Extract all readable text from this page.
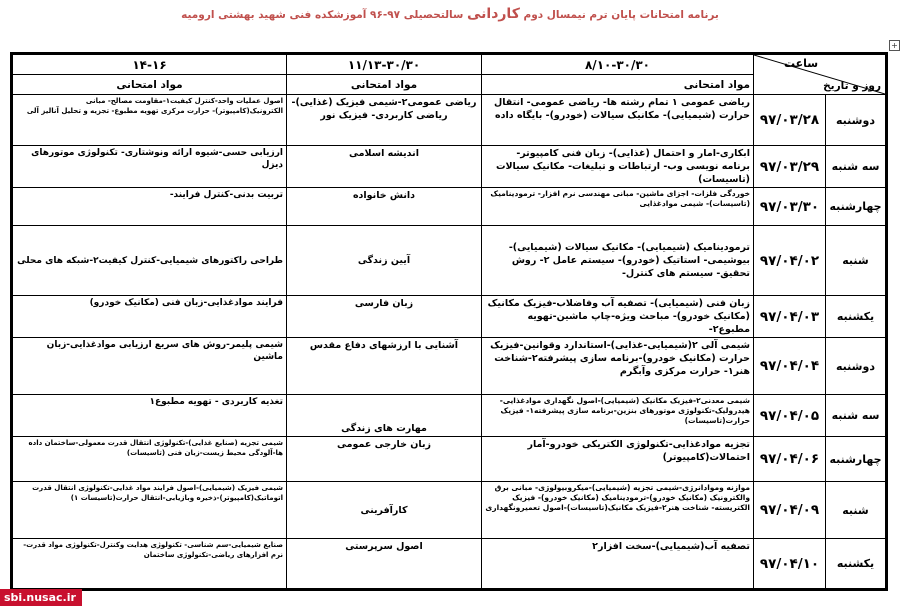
برنامه امتحانات پایان ترم نیمسال دوم کاردانی سالتحصیلی ۹۷-۹۶ آموزشکده فنی شهید بهشتی ارومیه
+
ساعت
روز و تاریخ		۸/۱۰-۳۰/۳۰	۱۱/۱۳-۳۰/۳۰	۱۴-۱۶
		مواد امتحانی	مواد امتحانی	مواد امتحانی
دوشنبه	۹۷/۰۳/۲۸	ریاضی عمومی ۱ تمام رشته ها- ریاضی عمومی- انتقال حرارت (شیمیایی)- مکانیک سیالات (خودرو)- بایگاه داده	ریاضی عمومی۲-شیمی فیزیک (غذایی)-ریاضی کاربردی- فیزیک نور	اصول عملیات واحد-کنترل کیفیت۱-مقاومت مصالح- مبانی الکترونیک(کامپیوتر)- حرارت مرکزی تهویه مطبوع- تجزیه و تحلیل آنالیز آلی
سه شنبه	۹۷/۰۳/۲۹	ابکاری-امار و احتمال (غذایی)- زبان فنی کامپیوتر- برنامه نویسی وب- ارتباطات و تبلیغات- مکانیک سیالات (تاسیسات)	اندیشه اسلامی	ارزیابی حسی-شیوه ارائه ونوشتاری- تکنولوژی موتورهای دیزل
چهارشنبه	۹۷/۰۳/۳۰	خوردگی فلزات- اجزای ماشین- مبانی مهندسی نرم افزار- ترمودینامیک (تاسیسات)- شیمی موادغذایی	دانش خانواده	تربیت بدنی-کنترل فرایند-
شنبه	۹۷/۰۴/۰۲	ترمودینامیک (شیمیایی)- مکانیک سیالات (شیمیایی)- بیوشیمی- استاتیک (خودرو)- سیستم عامل ۲- روش تحقیق- سیستم های کنترل-	آیین زندگی	طراحی راکتورهای شیمیایی-کنترل کیفیت۲-شبکه های محلی
یکشنبه	۹۷/۰۴/۰۳	زبان فنی (شیمیایی)- تصفیه آب وفاضلاب-فیزیک مکانیک (مکانیک خودرو)- مباحث ویژه-چاپ ماشین-تهویه مطبوع۲-	زبان فارسی	فرایند موادغذایی-زبان فنی (مکانیک خودرو)
دوشنبه	۹۷/۰۴/۰۴	شیمی آلی ۲(شیمیایی-غذایی)-استاندارد وقوانین-فیزیک حرارت (مکانیک خودرو)-برنامه سازی پیشرفته۲-شناخت هنر۱- حرارت مرکزی وآبگرم	آشنایی با ارزشهای دفاع مقدس	شیمی پلیمر-روش های سریع ارزیابی موادغذایی-زبان ماشین
سه شنبه	۹۷/۰۴/۰۵	شیمی معدنی۲-فیزیک مکانیک (شیمیایی)-اصول نگهداری موادغذایی- هیدرولیک-تکنولوژی موتورهای بنزین-برنامه سازی پیشرفته۱- فیزیک حرارت(تاسیسات)	مهارت های زندگی	تغذیه کاربردی - تهویه مطبوع۱
چهارشنبه	۹۷/۰۴/۰۶	تجزیه موادغذایی-تکنولوژی الکتریکی خودرو-آمار احتمالات(کامپیوتر)	زبان خارجی عمومی	شیمی تجزیه (صنایع غذایی)-تکنولوژی انتقال قدرت معمولی-ساختمان داده ها-آلودگی محیط زیست-زبان فنی (تاسیسات)
شنبه	۹۷/۰۴/۰۹	موازنه وموادانرژی-شیمی تجزیه (شیمیایی)-میکروبیولوژی- مبانی برق والکترونیک (مکانیک خودرو)-ترمودینامیک (مکانیک خودرو)- فیزیک الکتریسته- شناخت هنر۲-فیزیک مکانیک(تاسیسات)-اصول تعمیرونگهداری	کارآفرینی	شیمی فیزیک (شیمیایی)-اصول فرایند مواد غذایی-تکنولوژی انتقال قدرت اتوماتیک(کامپیوتر)-ذخیره وبازیابی-انتقال حرارت(تاسیسات ۱)
یکشنبه	۹۷/۰۴/۱۰	تصفیه آب(شیمیایی)-سخت افزار۲	اصول سرپرستی	صنایع شیمیایی-سم شناسی- تکنولوژی هدایت وکنترل-تکنولوژی مواد قدرت-نرم افزارهای ریاضی-تکنولوژی ساختمان
sbi.nusac.ir
